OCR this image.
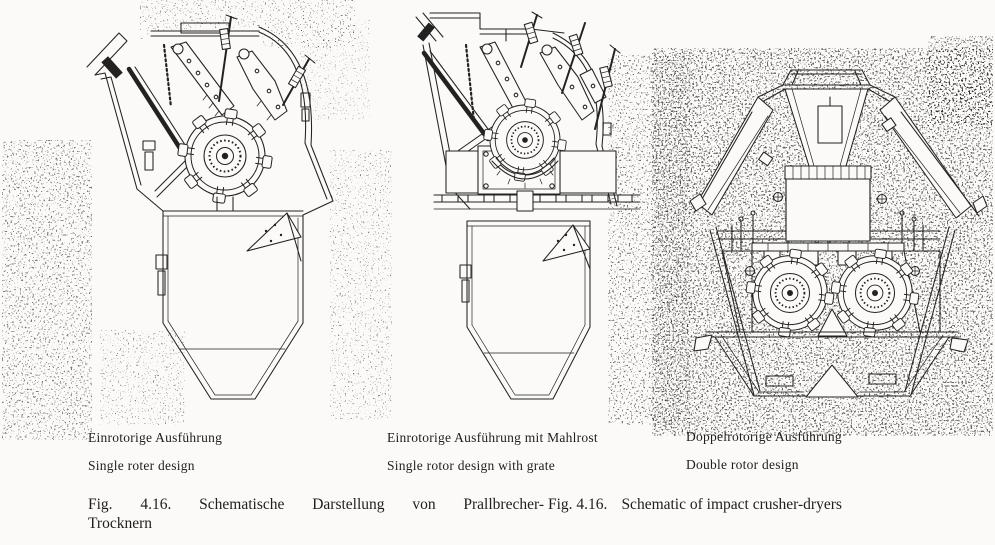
Einrotorige Ausführung	Einrotorige Ausführung mit Mahlrost	Doppelrotorige Ausführung
Single roter design	Single rotor design with grate	Double rotor design
Fig. 4.16. Schematische Darstellung von Prallbrecher-
Trocknern
Fig. 4.16. Schematic of impact crusher-dryers
